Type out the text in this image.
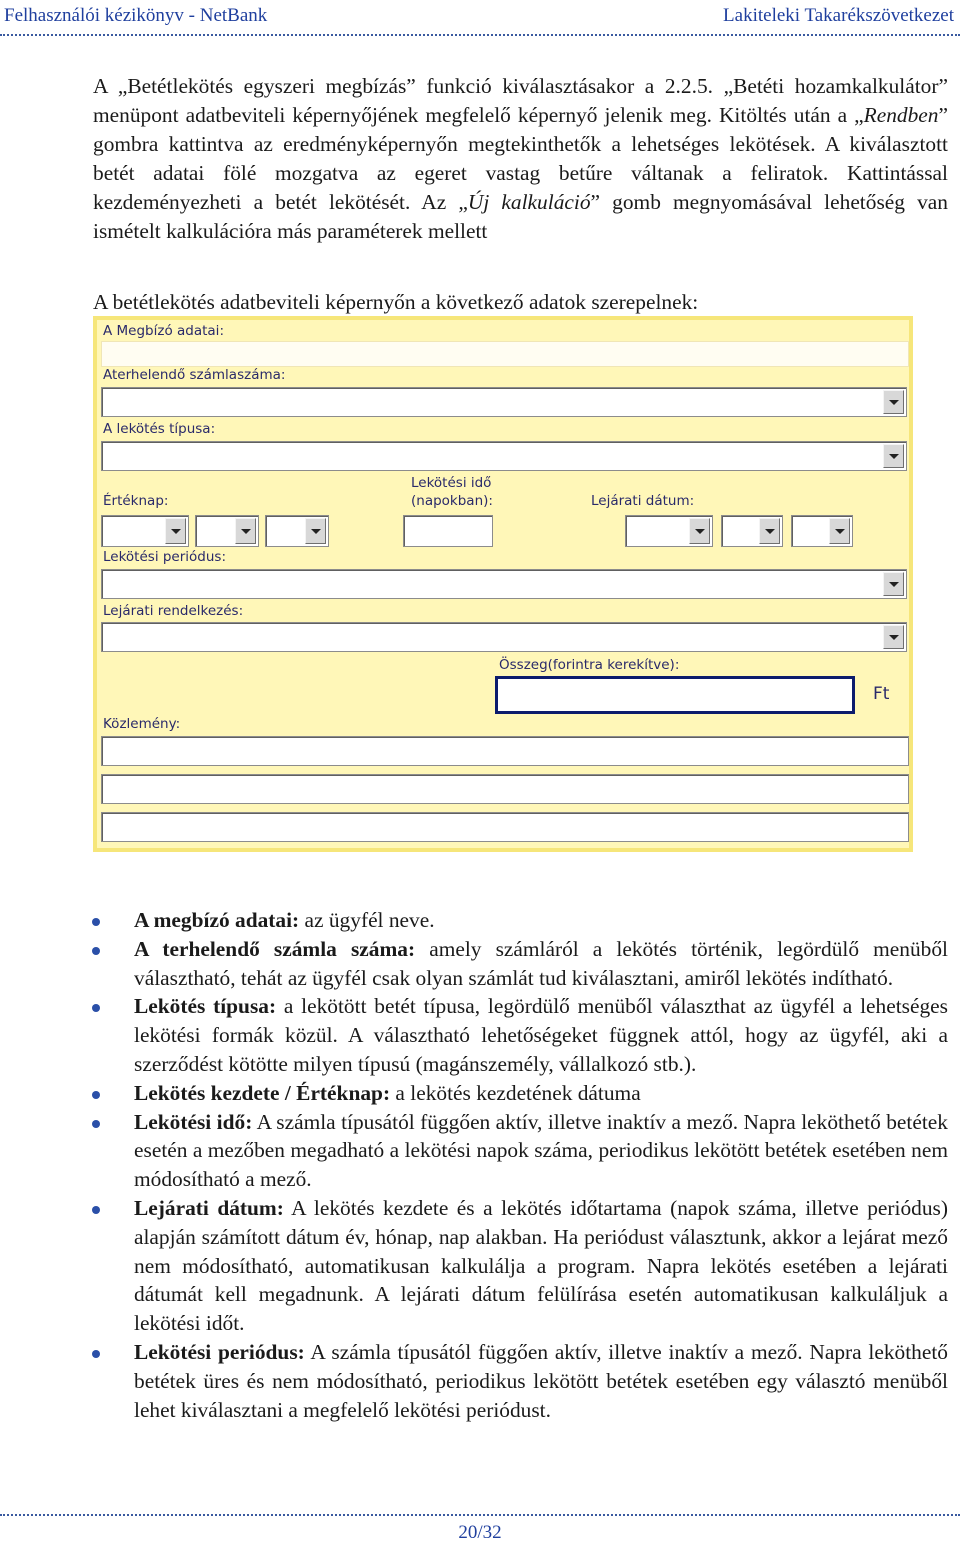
Felhasználói kézikönyv - NetBank	Lakiteleki Takarékszövetkezet

A „Betétlekötés egyszeri megbízás” funkció kiválasztásakor a 2.2.5. „Betéti hozamkalkulátor” menüpont adatbeviteli képernyőjének megfelelő képernyő jelenik meg. Kitöltés után a „Rendben” gombra kattintva az eredményképernyőn megtekinthetők a lehetséges lekötések. A kiválasztott betét adatai fölé mozgatva az egeret vastag betűre váltanak a feliratok. Kattintással kezdeményezheti a betét lekötését. Az „Új kalkuláció” gomb megnyomásával lehetőség van ismételt kalkulációra más paraméterek mellett

A betétlekötés adatbeviteli képernyőn a következő adatok szerepelnek:

A Megbízó adatai:
Aterhelendő számlaszáma:
A lekötés típusa:
Értéknap:
Lekötési idő
(napokban):	Lejárati dátum:
Lekötési periódus:
Lejárati rendelkezés:
Összeg(forintra kerekítve):
Ft
Közlemény:
A megbízó adatai: az ügyfél neve.
A terhelendő számla száma: amely számláról a lekötés történik, legördülő menüből választható, tehát az ügyfél csak olyan számlát tud kiválasztani, amiről lekötés indítható.
Lekötés típusa: a lekötött betét típusa, legördülő menüből választhat az ügyfél a lehetséges lekötési formák közül. A választható lehetőségeket függnek attól, hogy az ügyfél, aki a szerződést kötötte milyen típusú (magánszemély, vállalkozó stb.).
Lekötés kezdete / Értéknap: a lekötés kezdetének dátuma
Lekötési idő: A számla típusától függően aktív, illetve inaktív a mező. Napra leköthető betétek esetén a mezőben megadható a lekötési napok száma, periodikus lekötött betétek esetében nem módosítható a mező.
Lejárati dátum: A lekötés kezdete és a lekötés időtartama (napok száma, illetve periódus) alapján számított dátum év, hónap, nap alakban. Ha periódust választunk, akkor a lejárat mező nem módosítható, automatikusan kalkulálja a program. Napra lekötés esetében a lejárati dátumát kell megadnunk. A lejárati dátum felülírása esetén automatikusan kalkuláljuk a lekötési időt.
Lekötési periódus: A számla típusától függően aktív, illetve inaktív a mező. Napra leköthető betétek üres és nem módosítható, periodikus lekötött betétek esetében egy választó menüből lehet kiválasztani a megfelelő lekötési periódust.
20/32
